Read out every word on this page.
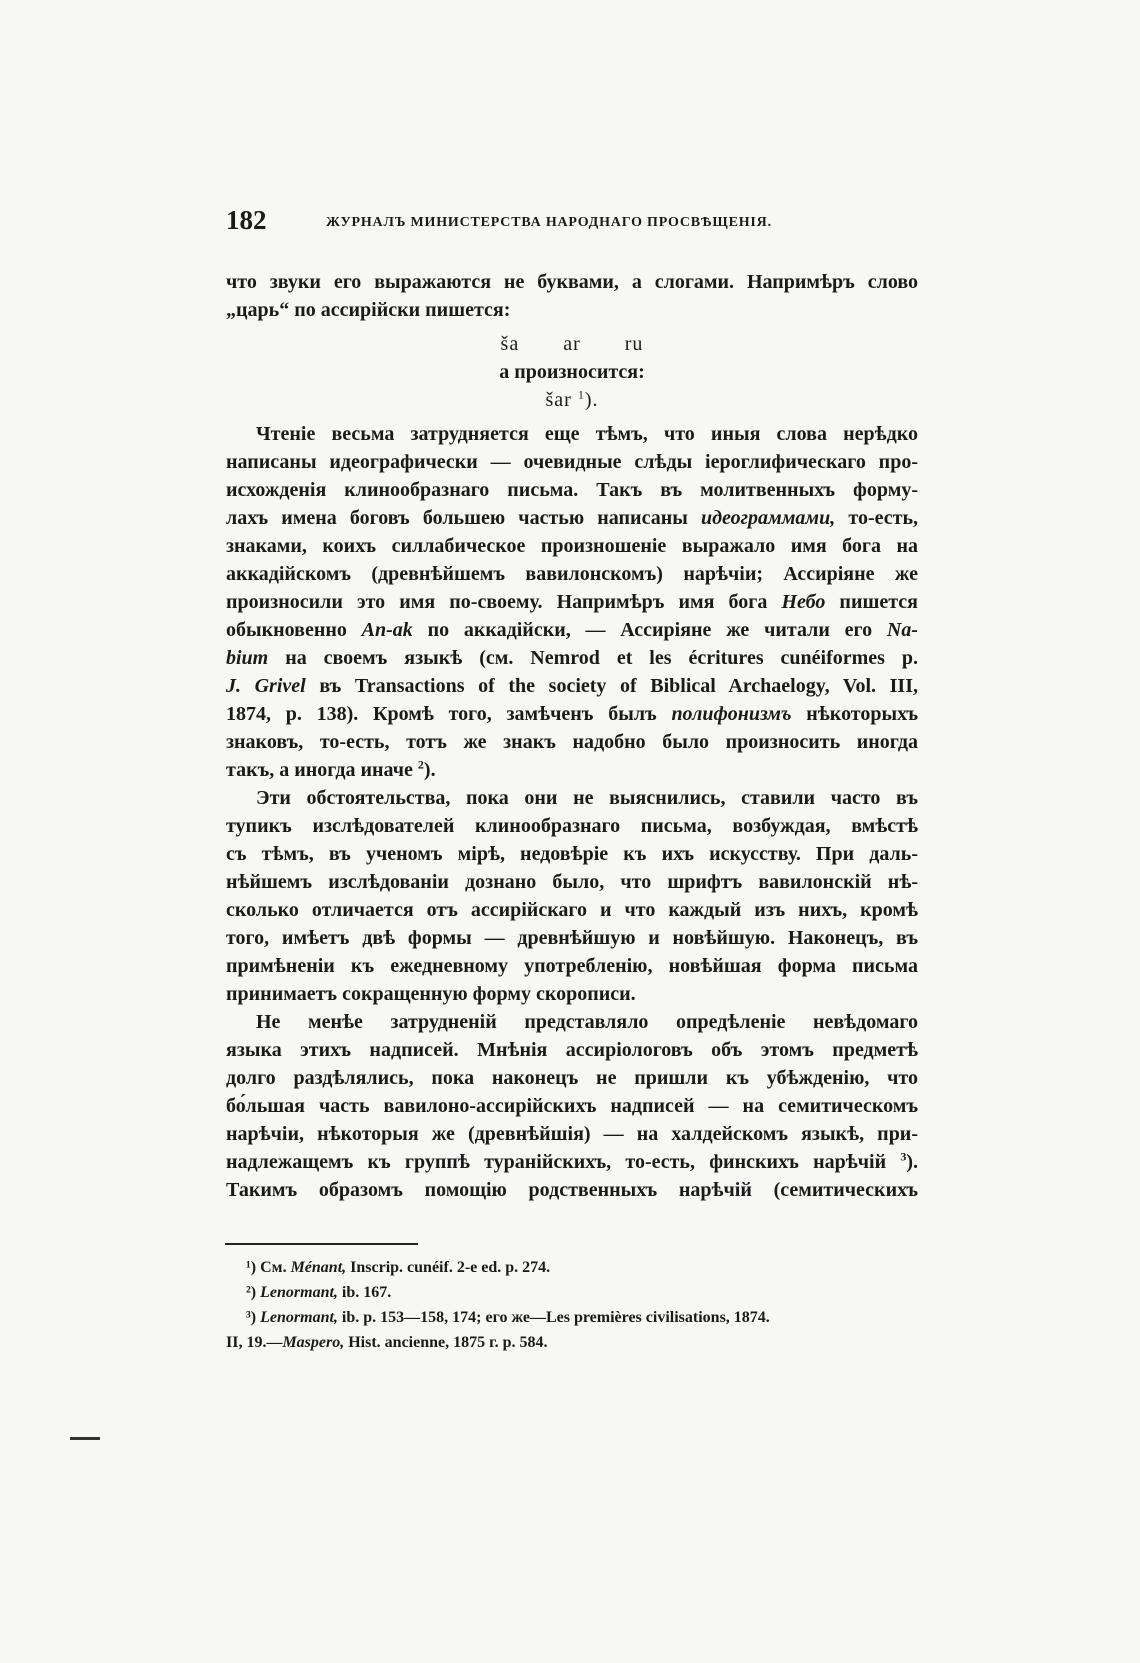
182	ЖУРНАЛЪ МИНИСТЕРСТВА НАРОДНАГО ПРОСВѢЩЕНІЯ.
что звуки его выражаются не буквами, а слогами. Напримѣръ слово
„царь“ по ассирійски пишется:
ša ar ru
а произносится:
šar $^1$).
Чтеніе весьма затрудняется еще тѣмъ, что иныя слова нерѣдко
написаны идеографически — очевидные слѣды іероглифическаго про-
исхожденія клинообразнаго письма. Такъ въ молитвенныхъ форму-
лахъ имена боговъ большею частью написаны идеограммами, то-есть,
знаками, коихъ силлабическое произношеніе выражало имя бога на
аккадійскомъ (древнѣйшемъ вавилонскомъ) нарѣчіи; Ассиріяне же
произносили это имя по-своему. Напримѣръ имя бога Небо пишется
обыкновенно An-ak по аккадійски, — Ассиріяне же читали его Na-
bium на своемъ языкѣ (см. Nemrod et les écritures cunéiformes p.
J. Grivel въ Transactions of the society of Biblical Archaelogy, Vol. III,
1874, p. 138). Кромѣ того, замѣченъ былъ полифонизмъ нѣкоторыхъ
знаковъ, то-есть, тотъ же знакъ надобно было произносить иногда
такъ, а иногда иначе $^2$).
Эти обстоятельства, пока они не выяснились, ставили часто въ
тупикъ изслѣдователей клинообразнаго письма, возбуждая, вмѣстѣ
съ тѣмъ, въ ученомъ мірѣ, недовѣріе къ ихъ искусству. При даль-
нѣйшемъ изслѣдованіи дознано было, что шрифтъ вавилонскій нѣ-
сколько отличается отъ ассирійскаго и что каждый изъ нихъ, кромѣ
того, имѣетъ двѣ формы — древнѣйшую и новѣйшую. Наконецъ, въ
примѣненіи къ ежедневному употребленію, новѣйшая форма письма
принимаетъ сокращенную форму скорописи.
Не менѣе затрудненій представляло опредѣленіе невѣдомаго
языка этихъ надписей. Мнѣнія ассиріологовъ объ этомъ предметѣ
долго раздѣлялись, пока наконецъ не пришли къ убѣжденію, что
бо́льшая часть вавилоно-ассирійскихъ надписей — на семитическомъ
нарѣчіи, нѣкоторыя же (древнѣйшія) — на халдейскомъ языкѣ, при-
надлежащемъ къ группѣ туранійскихъ, то-есть, финскихъ нарѣчій $^3$).
Такимъ образомъ помощію родственныхъ нарѣчій (семитическихъ
¹) См. Ménant, Inscrip. cunéif. 2-e ed. p. 274.
²) Lenormant, ib. 167.
³) Lenormant, ib. p. 153—158, 174; его же—Les premières civilisations, 1874.
II, 19.—Maspero, Hist. ancienne, 1875 г. p. 584.
